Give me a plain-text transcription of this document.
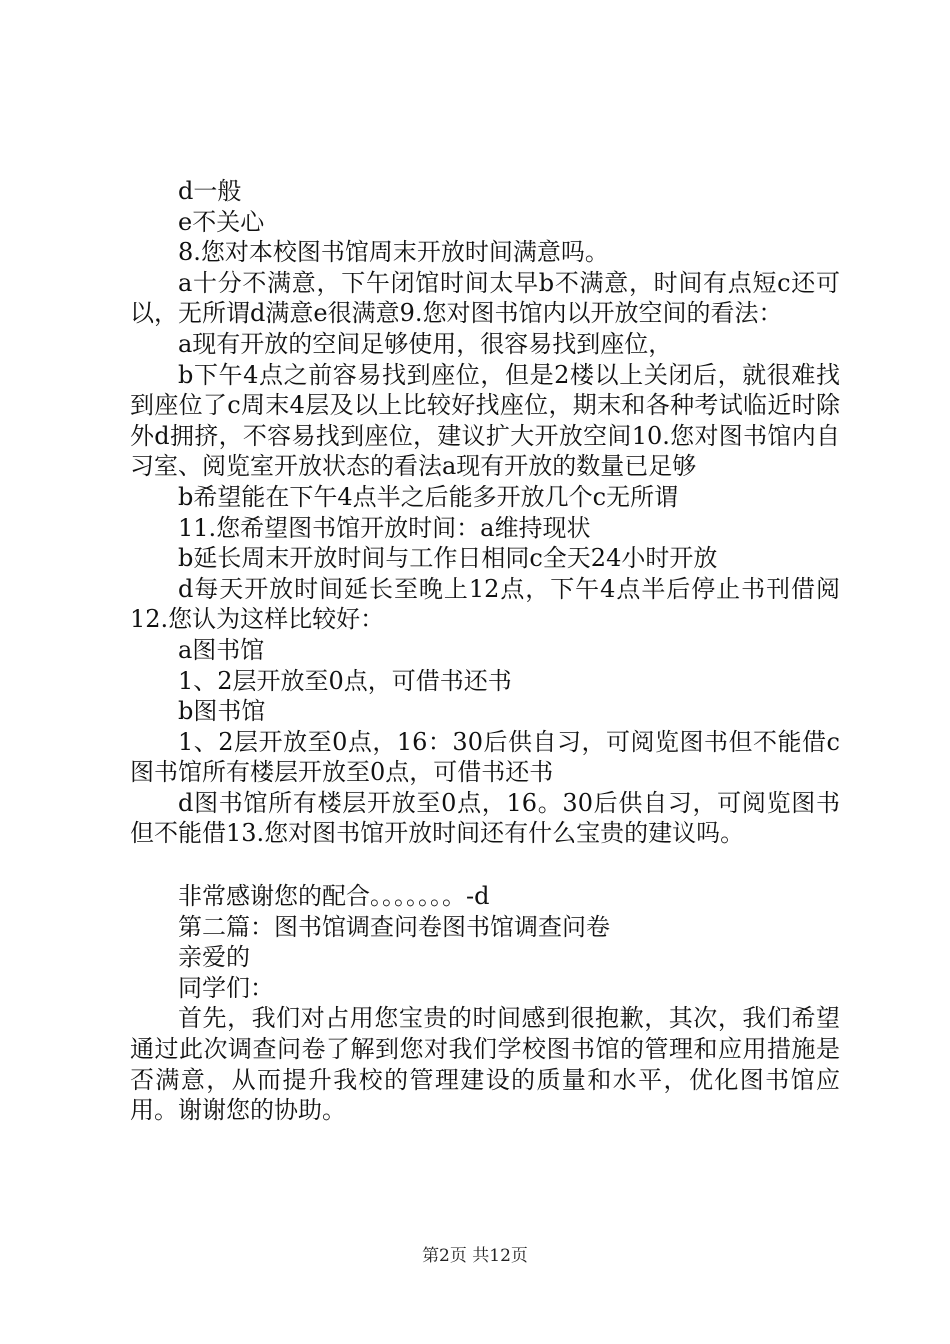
d一般

e不关心

8.您对本校图书馆周末开放时间满意吗。

a十分不满意，下午闭馆时间太早b不满意，时间有点短c还可以，无所谓d满意e很满意9.您对图书馆内以开放空间的看法：

a现有开放的空间足够使用，很容易找到座位，

b下午4点之前容易找到座位，但是2楼以上关闭后，就很难找到座位了c周末4层及以上比较好找座位，期末和各种考试临近时除外d拥挤，不容易找到座位，建议扩大开放空间10.您对图书馆内自习室、阅览室开放状态的看法a现有开放的数量已足够

b希望能在下午4点半之后能多开放几个c无所谓

11.您希望图书馆开放时间：a维持现状

b延长周末开放时间与工作日相同c全天24小时开放

d每天开放时间延长至晚上12点，下午4点半后停止书刊借阅12.您认为这样比较好：

a图书馆

1、2层开放至0点，可借书还书

b图书馆

1、2层开放至0点，16：30后供自习，可阅览图书但不能借c图书馆所有楼层开放至0点，可借书还书

d图书馆所有楼层开放至0点，16。30后供自习，可阅览图书但不能借13.您对图书馆开放时间还有什么宝贵的建议吗。

非常感谢您的配合。。。。。。。-d

第二篇：图书馆调查问卷图书馆调查问卷

亲爱的

同学们：

首先，我们对占用您宝贵的时间感到很抱歉，其次，我们希望通过此次调查问卷了解到您对我们学校图书馆的管理和应用措施是否满意，从而提升我校的管理建设的质量和水平，优化图书馆应用。谢谢您的协助。

第2页 共12页
